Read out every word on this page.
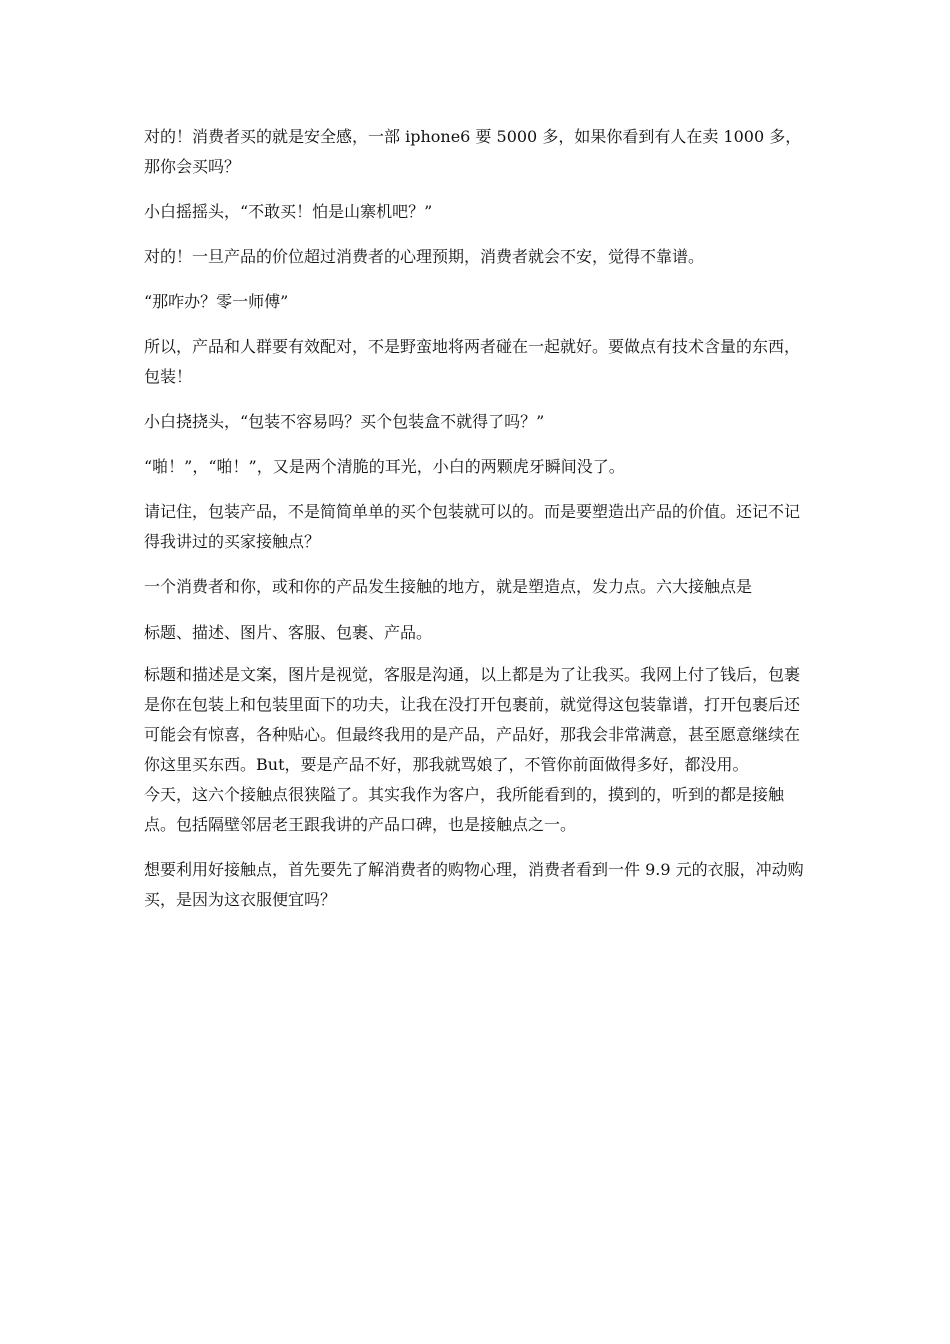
对的！消费者买的就是安全感，一部 iphone6 要 5000 多，如果你看到有人在卖 1000 多，那你会买吗？

小白摇摇头，“不敢买！怕是山寨机吧？”

对的！一旦产品的价位超过消费者的心理预期，消费者就会不安，觉得不靠谱。

“那咋办？零一师傅”

所以，产品和人群要有效配对，不是野蛮地将两者碰在一起就好。要做点有技术含量的东西，包装！

小白挠挠头，“包装不容易吗？买个包装盒不就得了吗？”

“啪！”，“啪！”，又是两个清脆的耳光，小白的两颗虎牙瞬间没了。

请记住，包装产品，不是简简单单的买个包装就可以的。而是要塑造出产品的价值。还记不记得我讲过的买家接触点？

一个消费者和你，或和你的产品发生接触的地方，就是塑造点，发力点。六大接触点是

标题、描述、图片、客服、包裹、产品。

标题和描述是文案，图片是视觉，客服是沟通，以上都是为了让我买。我网上付了钱后，包裹是你在包装上和包装里面下的功夫，让我在没打开包裹前，就觉得这包装靠谱，打开包裹后还可能会有惊喜，各种贴心。但最终我用的是产品，产品好，那我会非常满意，甚至愿意继续在你这里买东西。But，要是产品不好，那我就骂娘了，不管你前面做得多好，都没用。

今天，这六个接触点很狭隘了。其实我作为客户，我所能看到的，摸到的，听到的都是接触点。包括隔壁邻居老王跟我讲的产品口碑，也是接触点之一。

想要利用好接触点，首先要先了解消费者的购物心理，消费者看到一件 9.9 元的衣服，冲动购买，是因为这衣服便宜吗？
